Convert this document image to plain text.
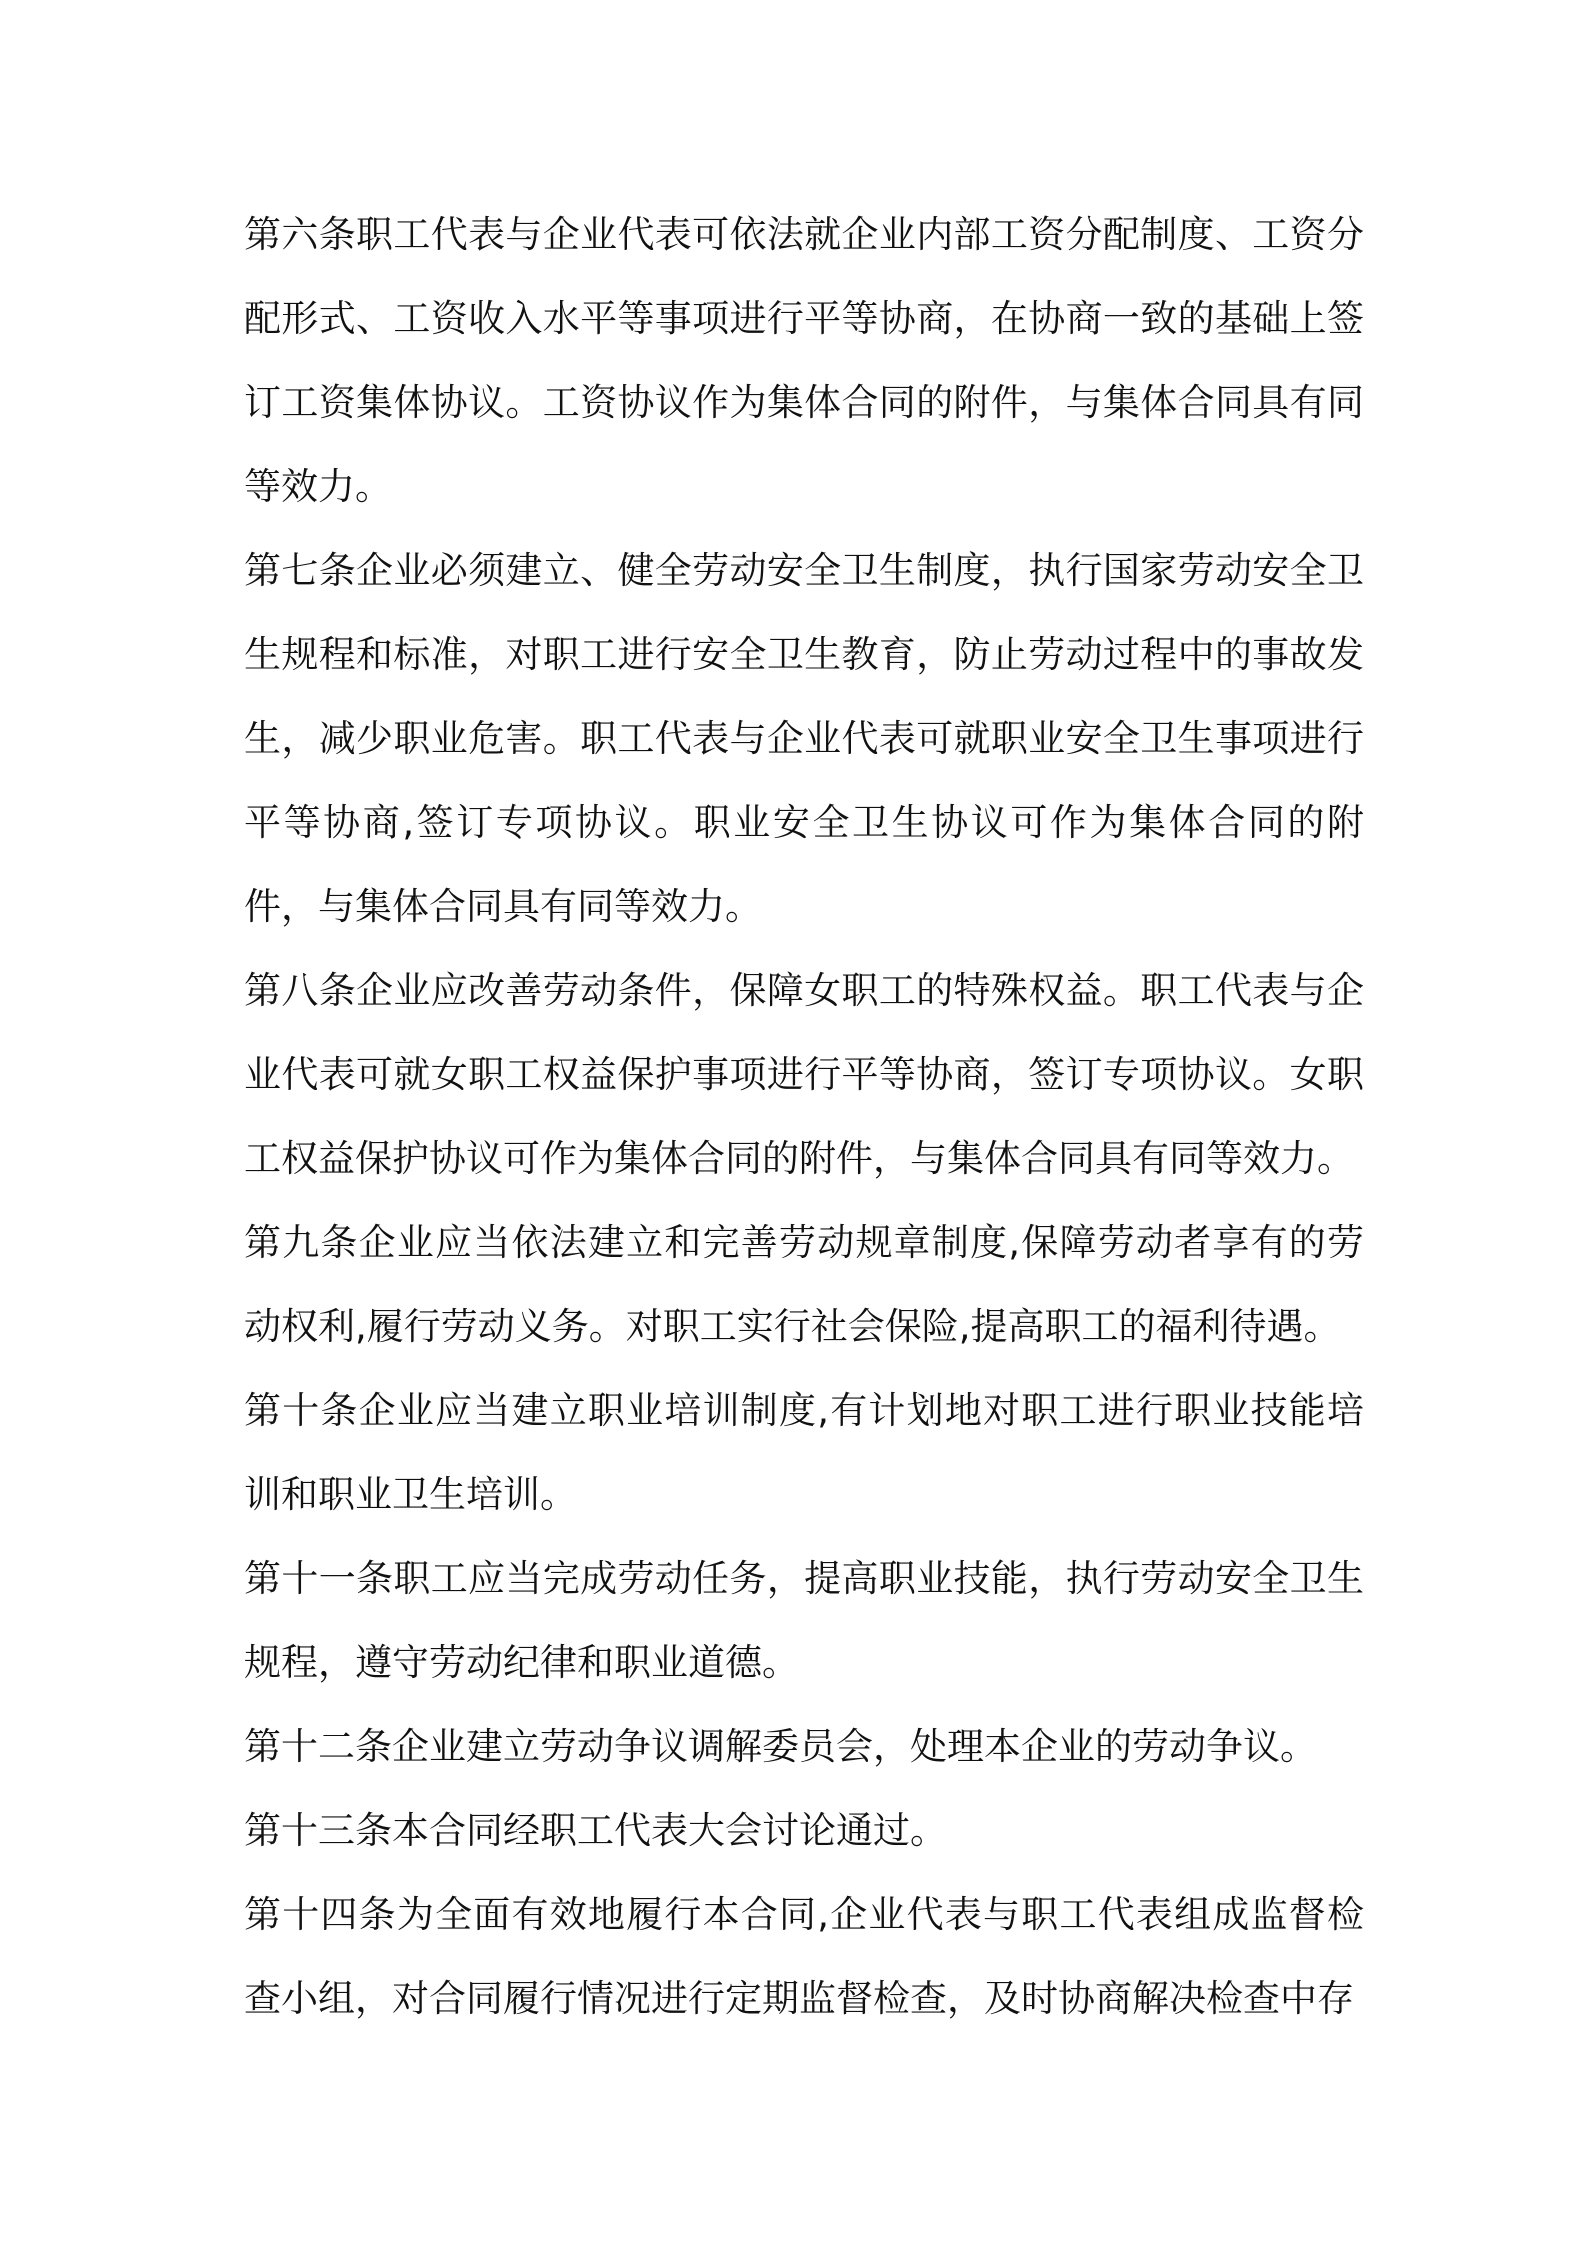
第六条职工代表与企业代表可依法就企业内部工资分配制度、工资分配形式、工资收入水平等事项进行平等协商，在协商一致的基础上签订工资集体协议。工资协议作为集体合同的附件，与集体合同具有同等效力。

第七条企业必须建立、健全劳动安全卫生制度，执行国家劳动安全卫生规程和标准，对职工进行安全卫生教育，防止劳动过程中的事故发生，减少职业危害。职工代表与企业代表可就职业安全卫生事项进行平等协商,签订专项协议。职业安全卫生协议可作为集体合同的附件，与集体合同具有同等效力。

第八条企业应改善劳动条件，保障女职工的特殊权益。职工代表与企业代表可就女职工权益保护事项进行平等协商，签订专项协议。女职工权益保护协议可作为集体合同的附件，与集体合同具有同等效力。

第九条企业应当依法建立和完善劳动规章制度,保障劳动者享有的劳动权利,履行劳动义务。对职工实行社会保险,提高职工的福利待遇。

第十条企业应当建立职业培训制度,有计划地对职工进行职业技能培训和职业卫生培训。

第十一条职工应当完成劳动任务，提高职业技能，执行劳动安全卫生规程，遵守劳动纪律和职业道德。

第十二条企业建立劳动争议调解委员会，处理本企业的劳动争议。

第十三条本合同经职工代表大会讨论通过。

第十四条为全面有效地履行本合同,企业代表与职工代表组成监督检查小组，对合同履行情况进行定期监督检查，及时协商解决检查中存
